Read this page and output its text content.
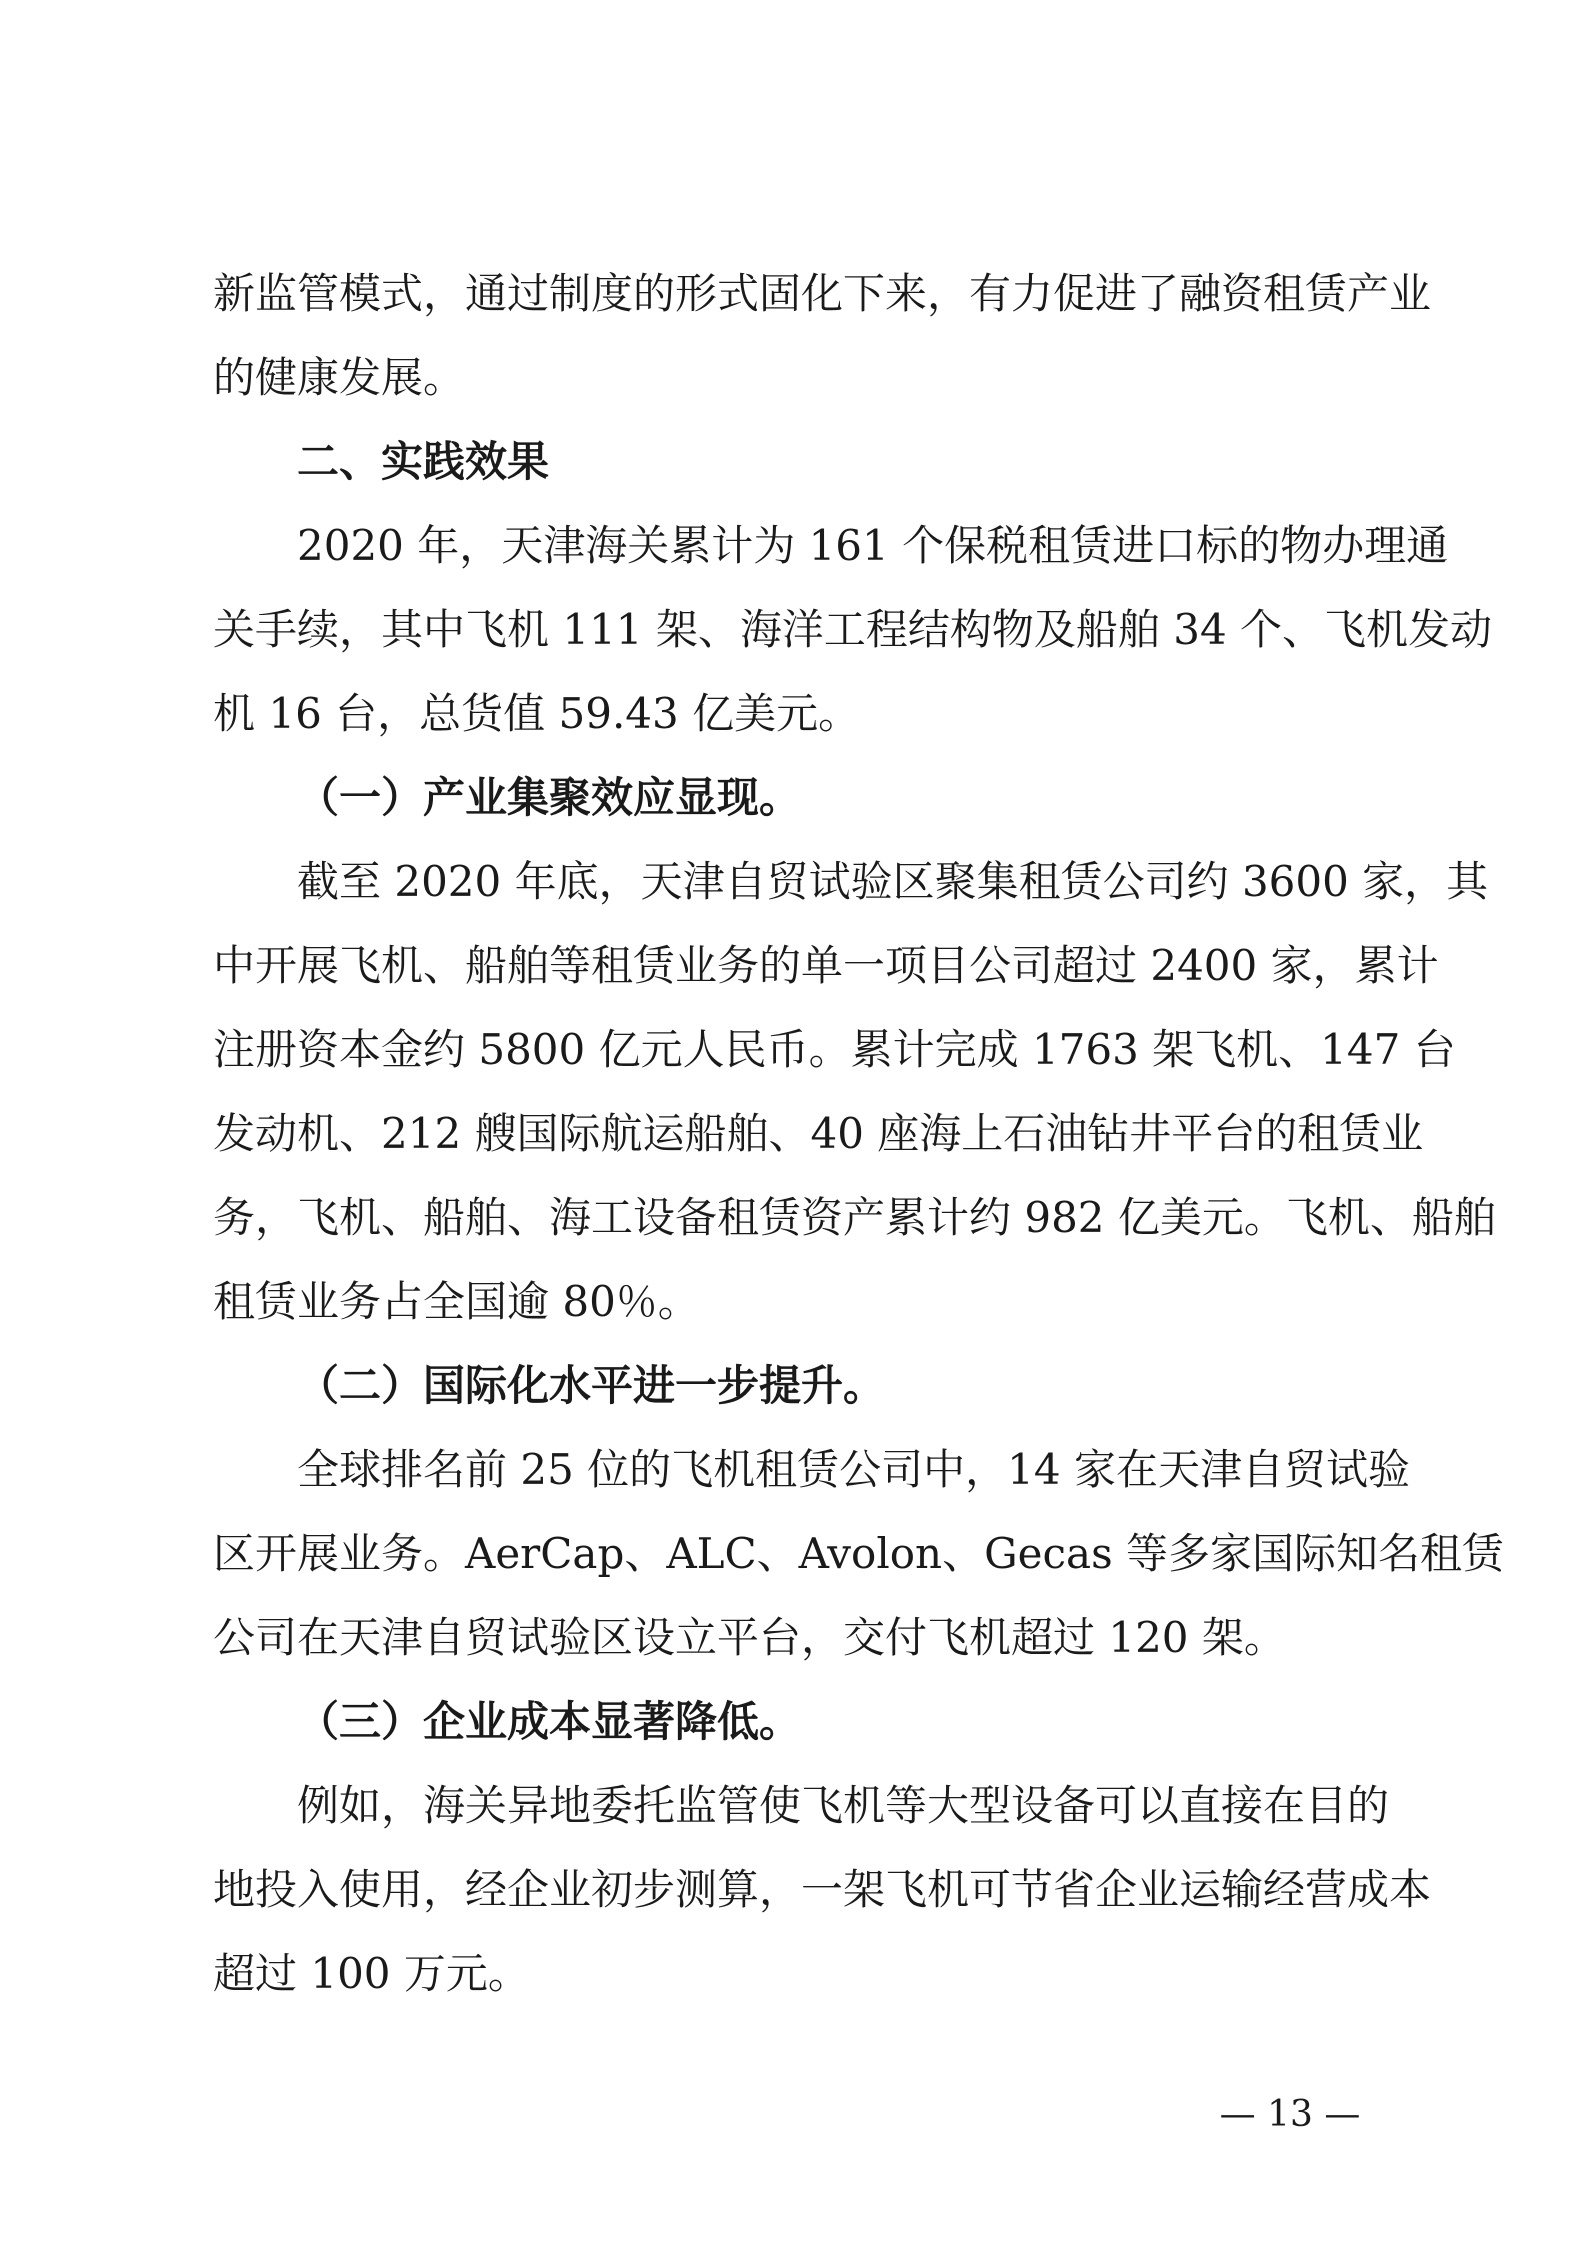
新监管模式，通过制度的形式固化下来，有力促进了融资租赁产业
的健康发展。
二、实践效果
2020 年，天津海关累计为 161 个保税租赁进口标的物办理通
关手续，其中飞机 111 架、海洋工程结构物及船舶 34 个、飞机发动
机 16 台，总货值 59.43 亿美元。
（一）产业集聚效应显现。
截至 2020 年底，天津自贸试验区聚集租赁公司约 3600 家，其
中开展飞机、船舶等租赁业务的单一项目公司超过 2400 家，累计
注册资本金约 5800 亿元人民币。累计完成 1763 架飞机、147 台
发动机、212 艘国际航运船舶、40 座海上石油钻井平台的租赁业
务，飞机、船舶、海工设备租赁资产累计约 982 亿美元。飞机、船舶
租赁业务占全国逾 80％。
（二）国际化水平进一步提升。
全球排名前 25 位的飞机租赁公司中，14 家在天津自贸试验
区开展业务。AerCap、ALC、Avolon、Gecas 等多家国际知名租赁
公司在天津自贸试验区设立平台，交付飞机超过 120 架。
（三）企业成本显著降低。
例如，海关异地委托监管使飞机等大型设备可以直接在目的
地投入使用，经企业初步测算，一架飞机可节省企业运输经营成本
超过 100 万元。
— 13 —
